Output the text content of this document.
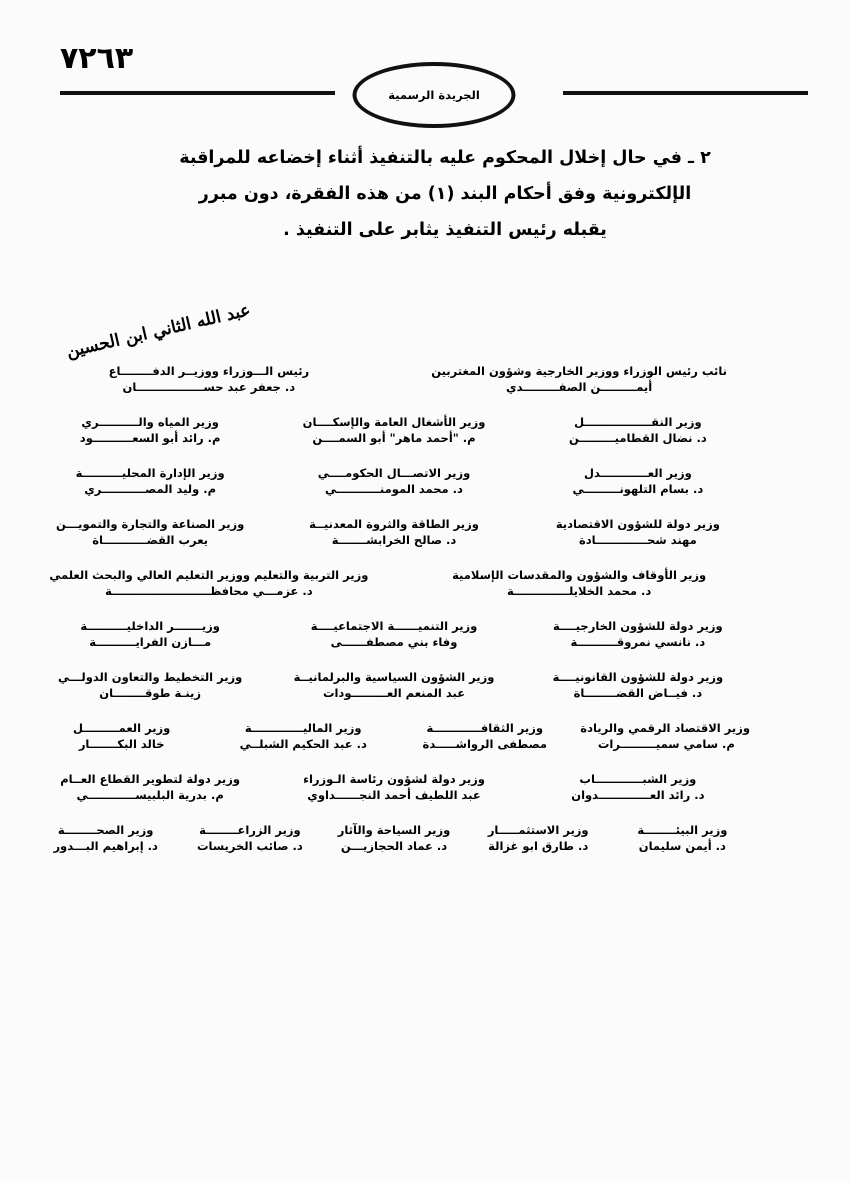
٧٢٦٣
الجريدة الرسمية
٢ ـ في حال إخلال المحكوم عليه بالتنفيذ أثناء إخضاعه للمراقبة
الإلكترونية وفق أحكام البند (١) من هذه الفقرة، دون مبرر
يقبله رئيس التنفيذ يثابر على التنفيذ .
عبد الله الثاني ابن الحسين
نائب رئيس الوزراء ووزير الخارجية وشؤون المغتربين
أيمـــــــــن الصفـــــــــدي
رئيس الـــوزراء ووزيــر الدفــــــــاع
د. جعفر عبد حســـــــــــــــــان
وزير النقـــــــــــــــــل
د. نضال القطاميـــــــــن
وزير الأشغال العامة والإسكــــان
م. "أحمد ماهر" أبو السمــــن
وزير المياه والــــــــــري
م. رائد أبو السعــــــــــود
وزير العــــــــــــدل
د. بسام التلهونـــــــــي
وزير الاتصـــال الحكومــــي
د. محمد المومنـــــــــــي
وزير الإدارة المحليــــــــــة
م. وليد المصـــــــــــري
وزير دولة للشؤون الاقتصادية
مهند شحـــــــــــــادة
وزير الطاقة والثروة المعدنيــة
د. صالح الخرابشـــــــة
وزير الصناعة والتجارة والتمويـــن
يعرب القضـــــــــــاة
وزير الأوقاف والشؤون والمقدسات الإسلامية
د. محمد الخلايلــــــــــــــة
وزير التربية والتعليم ووزير التعليم العالي والبحث العلمي
د. عزمـــي محافظـــــــــــــــــــــــــة
وزير دولة للشؤون الخارجيــــة
د. نانسي نمروقــــــــــة
وزير التنميــــــة الاجتماعيــــة
وفاء بني مصطفــــــى
وزيـــــــر الداخليــــــــــة
مـــازن الفرايــــــــــة
وزير دولة للشؤون القانونيــــة
د. فيــاض القضــــــــاة
وزير الشؤون السياسية والبرلمانيــة
عبد المنعم العـــــــــودات
وزير التخطيط والتعاون الدولـــي
زينـة طوقــــــــان
وزير الاقتصاد الرقمي والريادة
م. سامي سميـــــــــرات
وزير الثقافــــــــــــة
مصطفى الرواشـــــدة
وزير الماليـــــــــــــة
د. عبد الحكيم الشبلــي
وزير العمـــــــــل
خالد البكـــــــار
وزير الشبــــــــــــاب
د. رائد العـــــــــــــدوان
وزير دولة لشؤون رئاسة الـوزراء
عبد اللطيف أحمد النجــــــداوي
وزير دولة لتطوير القطاع العــام
م. بدرية البلبيســــــــــــي
وزير البيئــــــــة
د. أيمن سليمان
وزير الاستثمـــــار
د. طارق ابو غزالة
وزير السياحة والآثار
د. عماد الحجازيـــن
وزير الزراعــــــــة
د. صائب الخريسات
وزير الصحــــــــة
د. إبراهيم البـــدور
